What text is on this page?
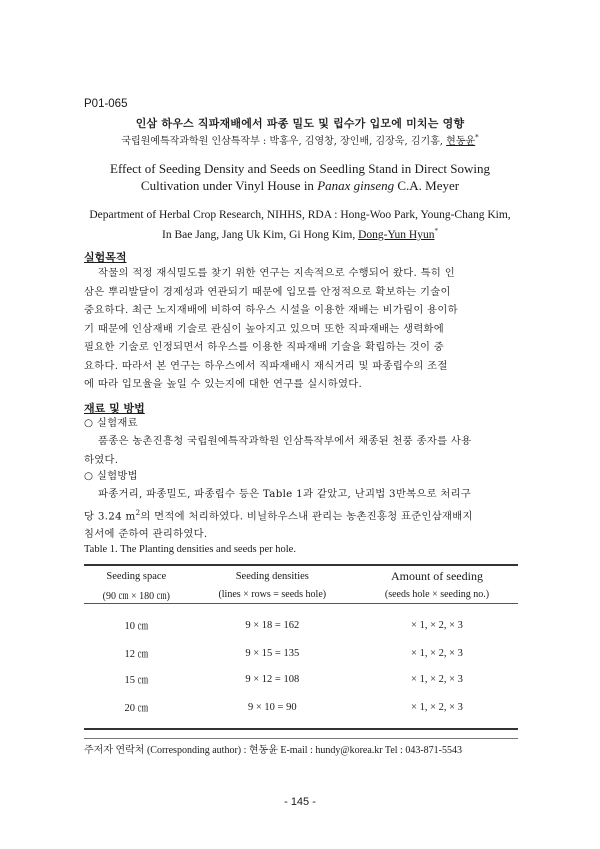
P01-065
인삼 하우스 직파재배에서 파종 밀도 및 립수가 입모에 미치는 영향
국립원예특작과학원 인삼특작부 : 박홍우, 김영창, 장인배, 김장욱, 김기홍, 현동윤*
Effect of Seeding Density and Seeds on Seedling Stand in Direct Sowing
Cultivation under Vinyl House in Panax ginseng C.A. Meyer
Department of Herbal Crop Research, NIHHS, RDA : Hong-Woo Park, Young-Chang Kim,
In Bae Jang, Jang Uk Kim, Gi Hong Kim, Dong-Yun Hyun*
실험목적
작물의 적정 재식밀도를 찾기 위한 연구는 지속적으로 수행되어 왔다. 특히 인
삼은 뿌리발달이 경제성과 연관되기 때문에 입모를 안정적으로 확보하는 기술이
중요하다. 최근 노지재배에 비하여 하우스 시설을 이용한 재배는 비가림이 용이하
기 때문에 인삼재배 기술로 관심이 높아지고 있으며 또한 직파재배는 생력화에
필요한 기술로 인정되면서 하우스를 이용한 직파재배 기술을 확립하는 것이 중
요하다. 따라서 본 연구는 하우스에서 직파재배시 재식거리 및 파종립수의 조절
에 따라 입모율을 높일 수 있는지에 대한 연구를 실시하였다.
재료 및 방법
○ 실험재료
품종은 농촌진흥청 국립원예특작과학원 인삼특작부에서 채종된 천풍 종자를 사용
하였다.
○ 실험방법
파종거리, 파종밀도, 파종립수 등은 Table 1과 같았고, 난괴법 3반복으로 처리구
당 3.24 $m^2$의 면적에 처리하였다. 비닐하우스내 관리는 농촌진흥청 표준인삼재배지
침서에 준하여 관리하였다.
Table 1. The Planting densities and seeds per hole.
Seeding space	Seeding densities	Amount of seeding
(90 ㎝ × 180 ㎝)	(lines × rows = seeds hole)	(seeds hole × seeding no.)
10 ㎝	9 × 18 = 162	× 1, × 2, × 3
12 ㎝	9 × 15 = 135	× 1, × 2, × 3
15 ㎝	9 × 12 = 108	× 1, × 2, × 3
20 ㎝	9 × 10 = 90	× 1, × 2, × 3
주저자 연락처 (Corresponding author) : 현동윤 E-mail : hundy@korea.kr Tel : 043-871-5543
- 145 -
